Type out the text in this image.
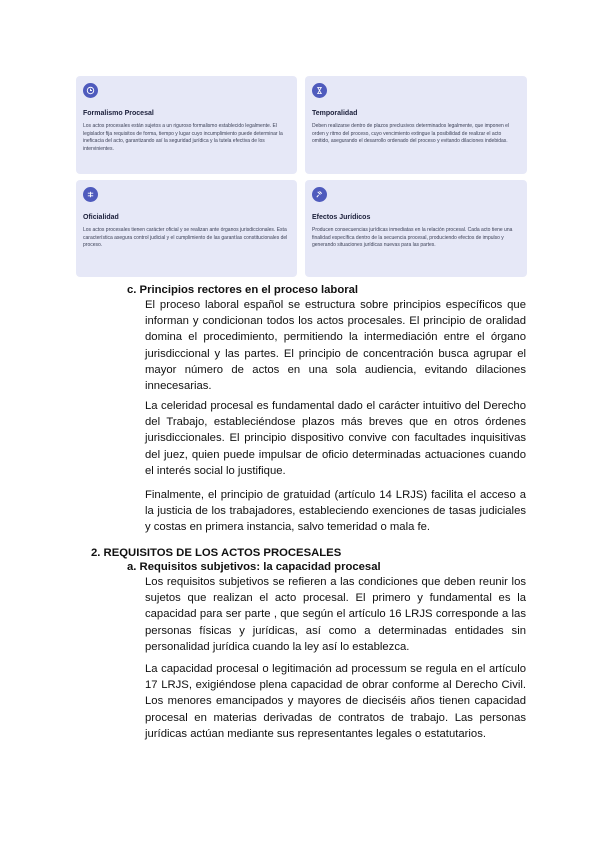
Formalismo Procesal
Los actos procesales están sujetos a un riguroso formalismo establecido legalmente. El legislador fija requisitos de forma, tiempo y lugar cuyo incumplimiento puede determinar la ineficacia del acto, garantizando así la seguridad jurídica y la tutela efectiva de los intervinientes.
Temporalidad
Deben realizarse dentro de plazos preclusivos determinados legalmente, que imponen el orden y ritmo del proceso, cuyo vencimiento extingue la posibilidad de realizar el acto omitido, asegurando el desarrollo ordenado del proceso y evitando dilaciones indebidas.
Oficialidad
Los actos procesales tienen carácter oficial y se realizan ante órganos jurisdiccionales. Esta característica asegura control judicial y el cumplimiento de las garantías constitucionales del proceso.
Efectos Jurídicos
Producen consecuencias jurídicas inmediatas en la relación procesal. Cada acto tiene una finalidad específica dentro de la secuencia procesal, produciendo efectos de impulso y generando situaciones jurídicas nuevas para las partes.
c. Principios rectores en el proceso laboral
El proceso laboral español se estructura sobre principios específicos que informan y condicionan todos los actos procesales. El principio de oralidad domina el procedimiento, permitiendo la intermediación entre el órgano jurisdiccional y las partes. El principio de concentración busca agrupar el mayor número de actos en una sola audiencia, evitando dilaciones innecesarias.
La celeridad procesal es fundamental dado el carácter intuitivo del Derecho del Trabajo, estableciéndose plazos más breves que en otros órdenes jurisdiccionales. El principio dispositivo convive con facultades inquisitivas del juez, quien puede impulsar de oficio determinadas actuaciones cuando el interés social lo justifique.
Finalmente, el principio de gratuidad (artículo 14 LRJS) facilita el acceso a la justicia de los trabajadores, estableciendo exenciones de tasas judiciales y costas en primera instancia, salvo temeridad o mala fe.
2. REQUISITOS DE LOS ACTOS PROCESALES
a. Requisitos subjetivos: la capacidad procesal
Los requisitos subjetivos se refieren a las condiciones que deben reunir los sujetos que realizan el acto procesal. El primero y fundamental es la capacidad para ser parte , que según el artículo 16 LRJS corresponde a las personas físicas y jurídicas, así como a determinadas entidades sin personalidad jurídica cuando la ley así lo establezca.
La capacidad procesal o legitimación ad processum se regula en el artículo 17 LRJS, exigiéndose plena capacidad de obrar conforme al Derecho Civil. Los menores emancipados y mayores de dieciséis años tienen capacidad procesal en materias derivadas de contratos de trabajo. Las personas jurídicas actúan mediante sus representantes legales o estatutarios.
